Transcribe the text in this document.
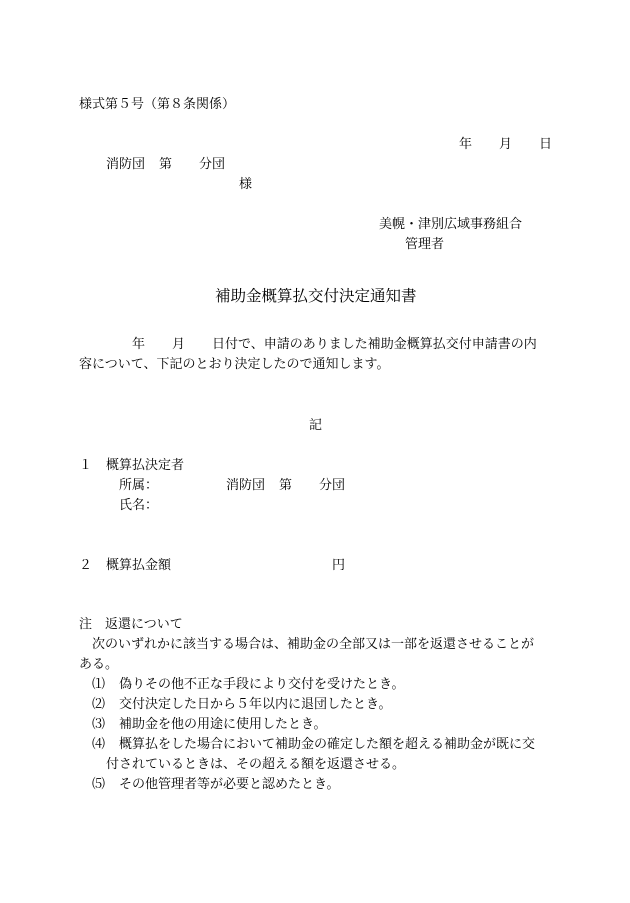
様式第５号（第８条関係）
年 月 日
消防団 第 分団
様
美幌・津別広域事務組合
管理者
補助金概算払交付決定通知書
年 月 日付で、申請のありました補助金概算払交付申請書の内
容について、下記のとおり決定したので通知します。
記
１ 概算払決定者
所属：	消防団 第 分団
氏名：
２ 概算払金額	円
注　返還について
次のいずれかに該当する場合は、補助金の全部又は一部を返還させることが
ある。
⑴ 偽りその他不正な手段により交付を受けたとき。
⑵ 交付決定した日から５年以内に退団したとき。
⑶ 補助金を他の用途に使用したとき。
⑷ 概算払をした場合において補助金の確定した額を超える補助金が既に交
付されているときは、その超える額を返還させる。
⑸ その他管理者等が必要と認めたとき。
